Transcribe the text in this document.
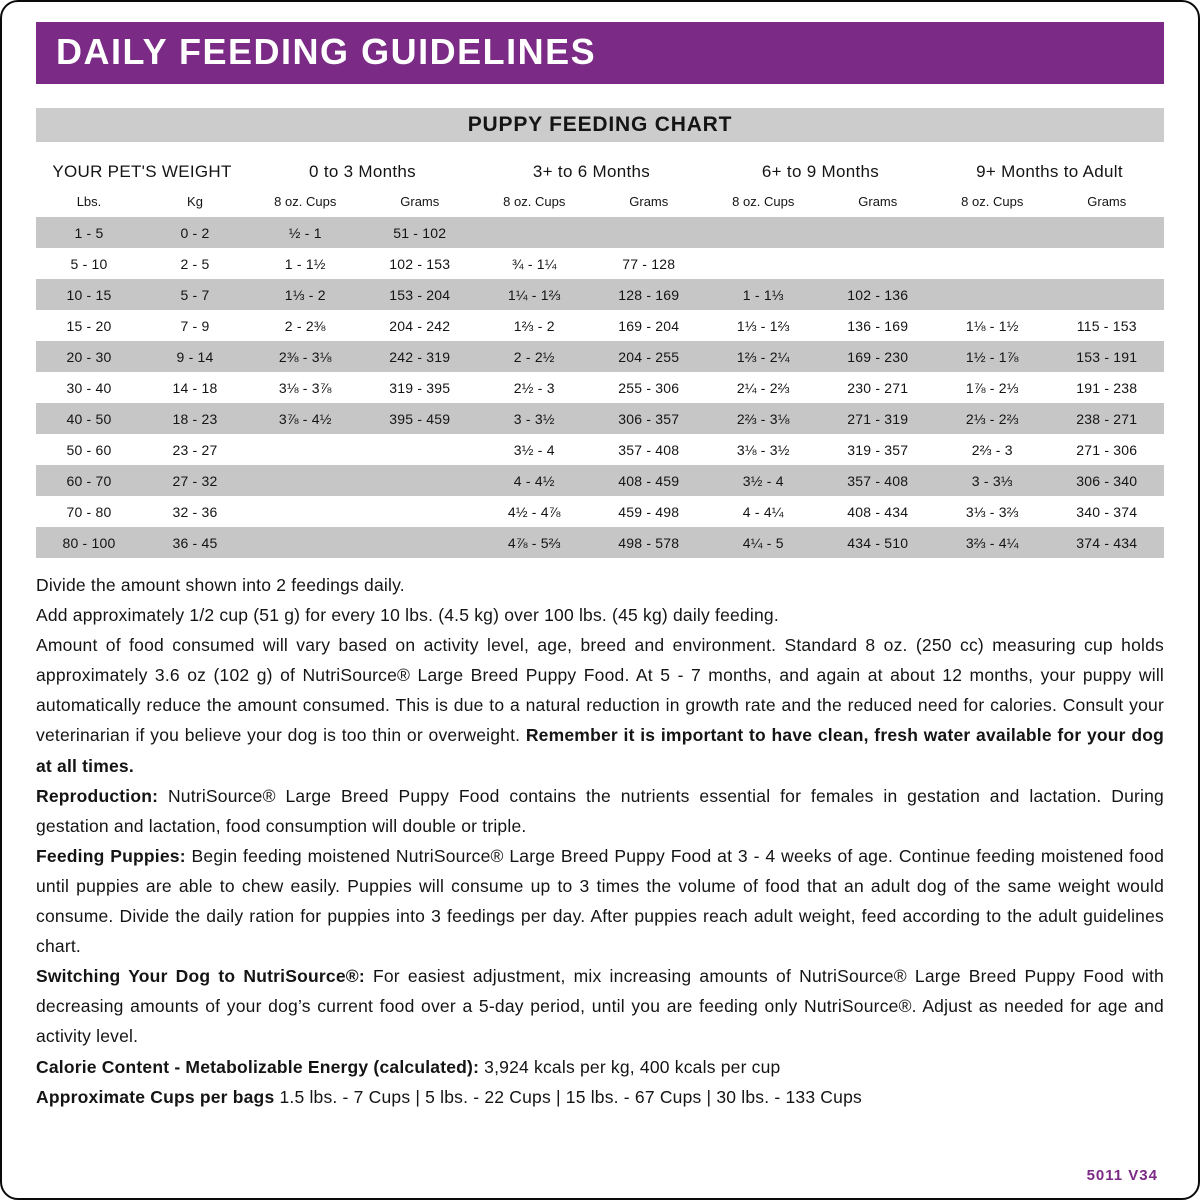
DAILY FEEDING GUIDELINES
PUPPY FEEDING CHART
YOUR PET'S WEIGHT		0 to 3 Months		3+ to 6 Months		6+ to 9 Months		9+ Months to Adult	
Lbs.	Kg	8 oz. Cups	Grams	8 oz. Cups	Grams	8 oz. Cups	Grams	8 oz. Cups	Grams
1 - 5	0 - 2	½ - 1	51 - 102						
5 - 10	2 - 5	1 - 1½	102 - 153	¾ - 1¼	77 - 128				
10 - 15	5 - 7	1⅓ - 2	153 - 204	1¼ - 1⅔	128 - 169	1 - 1⅓	102 - 136		
15 - 20	7 - 9	2 - 2⅜	204 - 242	1⅔ - 2	169 - 204	1⅓ - 1⅔	136 - 169	1⅛ - 1½	115 - 153
20 - 30	9 - 14	2⅜ - 3⅛	242 - 319	2 - 2½	204 - 255	1⅔ - 2¼	169 - 230	1½ - 1⅞	153 - 191
30 - 40	14 - 18	3⅛ - 3⅞	319 - 395	2½ - 3	255 - 306	2¼ - 2⅔	230 - 271	1⅞ - 2⅓	191 - 238
40 - 50	18 - 23	3⅞ - 4½	395 - 459	3 - 3½	306 - 357	2⅔ - 3⅛	271 - 319	2⅓ - 2⅔	238 - 271
50 - 60	23 - 27			3½ - 4	357 - 408	3⅛ - 3½	319 - 357	2⅔ - 3	271 - 306
60 - 70	27 - 32			4 - 4½	408 - 459	3½ - 4	357 - 408	3 - 3⅓	306 - 340
70 - 80	32 - 36			4½ - 4⅞	459 - 498	4 - 4¼	408 - 434	3⅓ - 3⅔	340 - 374
80 - 100	36 - 45			4⅞ - 5⅔	498 - 578	4¼ - 5	434 - 510	3⅔ - 4¼	374 - 434

Divide the amount shown into 2 feedings daily.

Add approximately 1/2 cup (51 g) for every 10 lbs. (4.5 kg) over 100 lbs. (45 kg) daily feeding.

Amount of food consumed will vary based on activity level, age, breed and environment. Standard 8 oz. (250 cc) measuring cup holds approximately 3.6 oz (102 g) of NutriSource® Large Breed Puppy Food. At 5 - 7 months, and again at about 12 months, your puppy will automatically reduce the amount consumed. This is due to a natural reduction in growth rate and the reduced need for calories. Consult your veterinarian if you believe your dog is too thin or overweight. Remember it is important to have clean, fresh water available for your dog at all times.

Reproduction: NutriSource® Large Breed Puppy Food contains the nutrients essential for females in gestation and lactation. During gestation and lactation, food consumption will double or triple.

Feeding Puppies: Begin feeding moistened NutriSource® Large Breed Puppy Food at 3 - 4 weeks of age. Continue feeding moistened food until puppies are able to chew easily. Puppies will consume up to 3 times the volume of food that an adult dog of the same weight would consume. Divide the daily ration for puppies into 3 feedings per day. After puppies reach adult weight, feed according to the adult guidelines chart.

Switching Your Dog to NutriSource®: For easiest adjustment, mix increasing amounts of NutriSource® Large Breed Puppy Food with decreasing amounts of your dog’s current food over a 5-day period, until you are feeding only NutriSource®. Adjust as needed for age and activity level.

Calorie Content - Metabolizable Energy (calculated): 3,924 kcals per kg, 400 kcals per cup

Approximate Cups per bags 1.5 lbs. - 7 Cups | 5 lbs. - 22 Cups | 15 lbs. - 67 Cups | 30 lbs. - 133 Cups

5011 V34
